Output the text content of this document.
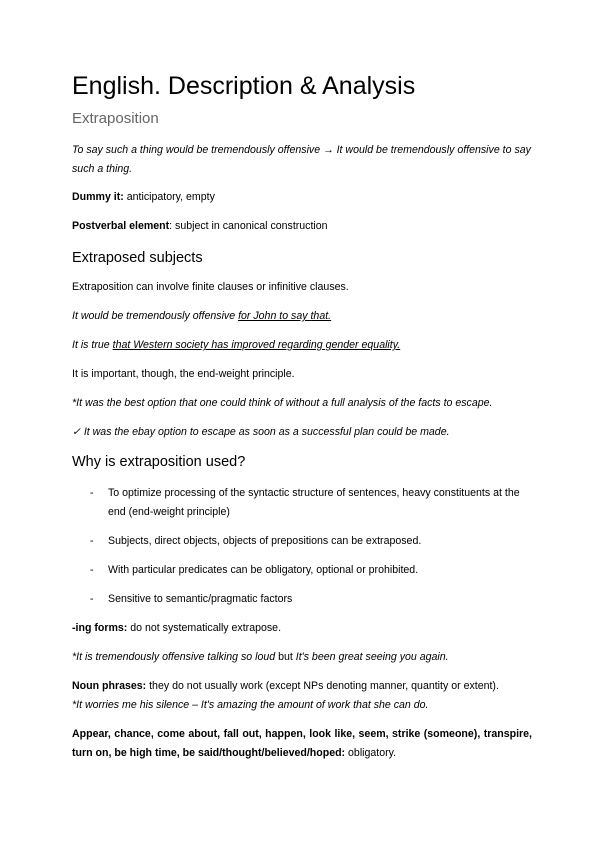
English. Description & Analysis
Extraposition

To say such a thing would be tremendously offensive → It would be tremendously offensive to say such a thing.

Dummy it: anticipatory, empty

Postverbal element: subject in canonical construction

Extraposed subjects

Extraposition can involve finite clauses or infinitive clauses.

It would be tremendously offensive for John to say that.

It is true that Western society has improved regarding gender equality.

It is important, though, the end-weight principle.

*It was the best option that one could think of without a full analysis of the facts to escape.

✓ It was the ebay option to escape as soon as a successful plan could be made.

Why is extraposition used?
- To optimize processing of the syntactic structure of sentences, heavy constituents at the end (end-weight principle)
- Subjects, direct objects, objects of prepositions can be extraposed.
- With particular predicates can be obligatory, optional or prohibited.
- Sensitive to semantic/pragmatic factors

-ing forms: do not systematically extrapose.

*It is tremendously offensive talking so loud but It's been great seeing you again.

Noun phrases: they do not usually work (except NPs denoting manner, quantity or extent).

*It worries me his silence – It's amazing the amount of work that she can do.

Appear, chance, come about, fall out, happen, look like, seem, strike (someone), transpire, turn on, be high time, be said/thought/believed/hoped: obligatory.
